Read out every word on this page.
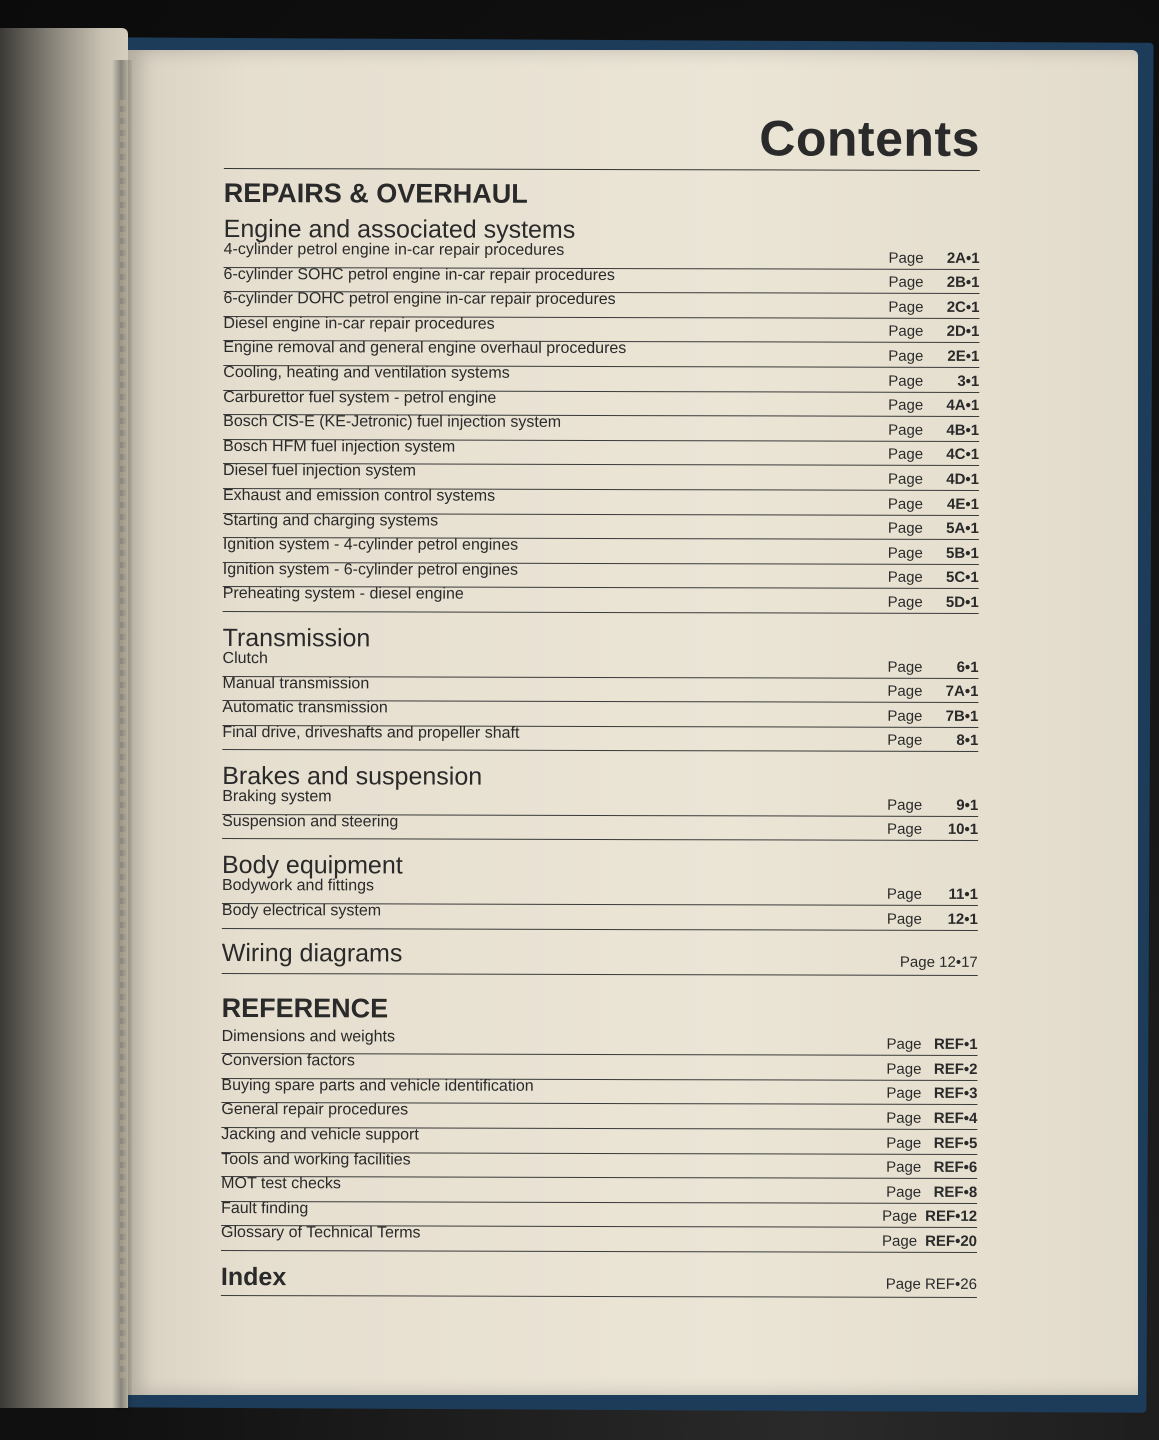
Contents
REPAIRS & OVERHAUL
Engine and associated systems
4-cylinder petrol engine in-car repair procedures	Page 2A•1
6-cylinder SOHC petrol engine in-car repair procedures	Page 2B•1
6-cylinder DOHC petrol engine in-car repair procedures	Page 2C•1
Diesel engine in-car repair procedures	Page 2D•1
Engine removal and general engine overhaul procedures	Page 2E•1
Cooling, heating and ventilation systems	Page 3•1
Carburettor fuel system - petrol engine	Page 4A•1
Bosch CIS-E (KE-Jetronic) fuel injection system	Page 4B•1
Bosch HFM fuel injection system	Page 4C•1
Diesel fuel injection system	Page 4D•1
Exhaust and emission control systems	Page 4E•1
Starting and charging systems	Page 5A•1
Ignition system - 4-cylinder petrol engines	Page 5B•1
Ignition system - 6-cylinder petrol engines	Page 5C•1
Preheating system - diesel engine	Page 5D•1
Transmission
Clutch	Page 6•1
Manual transmission	Page 7A•1
Automatic transmission	Page 7B•1
Final drive, driveshafts and propeller shaft	Page 8•1
Brakes and suspension
Braking system	Page 9•1
Suspension and steering	Page 10•1
Body equipment
Bodywork and fittings	Page 11•1
Body electrical system	Page 12•1
Wiring diagrams	Page 12•17
REFERENCE
Dimensions and weights	Page REF•1
Conversion factors	Page REF•2
Buying spare parts and vehicle identification	Page REF•3
General repair procedures	Page REF•4
Jacking and vehicle support	Page REF•5
Tools and working facilities	Page REF•6
MOT test checks	Page REF•8
Fault finding	Page REF•12
Glossary of Technical Terms	Page REF•20
Index	Page REF•26
